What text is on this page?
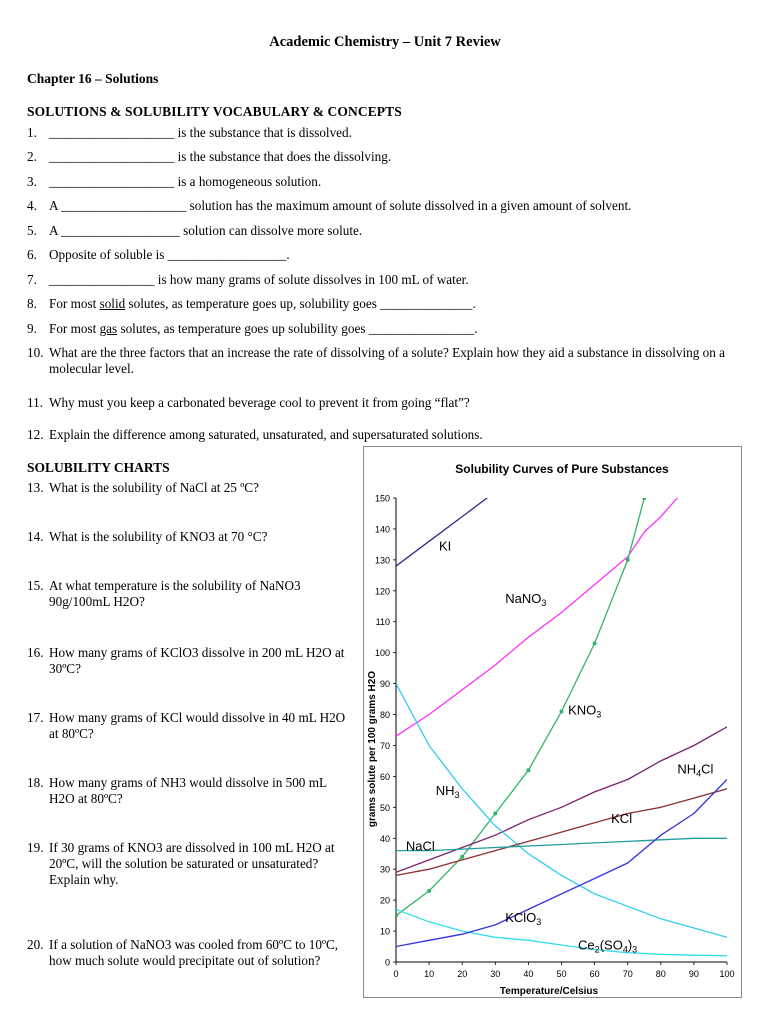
Academic Chemistry – Unit 7 Review
Chapter 16 – Solutions
SOLUTIONS & SOLUBILITY VOCABULARY & CONCEPTS
1. ___________________ is the substance that is dissolved.
2. ___________________ is the substance that does the dissolving.
3. ___________________ is a homogeneous solution.
4. A ___________________ solution has the maximum amount of solute dissolved in a given amount of solvent.
5. A __________________ solution can dissolve more solute.
6. Opposite of soluble is __________________.
7. ________________ is how many grams of solute dissolves in 100 mL of water.
8. For most solid solutes, as temperature goes up, solubility goes ______________.
9. For most gas solutes, as temperature goes up solubility goes ________________.
10. What are the three factors that an increase the rate of dissolving of a solute? Explain how they aid a substance in dissolving on a molecular level.
11. Why must you keep a carbonated beverage cool to prevent it from going “flat”?
12. Explain the difference among saturated, unsaturated, and supersaturated solutions.
SOLUBILITY CHARTS
13. What is the solubility of NaCl at 25 ºC?
14. What is the solubility of KNO3 at 70 °C?
15. At what temperature is the solubility of NaNO3 90g/100mL H2O?
16. How many grams of KClO3 dissolve in 200 mL H2O at 30ºC?
17. How many grams of KCl would dissolve in 40 mL H2O at 80ºC?
18. How many grams of NH3 would dissolve in 500 mL H2O at 80ºC?
19. If 30 grams of KNO3 are dissolved in 100 mL H2O at 20ºC, will the solution be saturated or unsaturated? Explain why.
20. If a solution of NaNO3 was cooled from 60ºC to 10ºC, how much solute would precipitate out of solution?
Solubility Curves of Pure Substances
Temperature/Celsius
grams solute per 100 grams H2O
0
10
20
30
40
50
60
70
80
90
100
110
120
130
140
150
0	10	20	30	40	50	60	70	80	90 100
KI
NaNO$_3$
$KNO_3$
$NH_4Cl$
$NH_3$
KCl
NaCl
KClO$_3$
$Ce_2(SO_4)_3$
